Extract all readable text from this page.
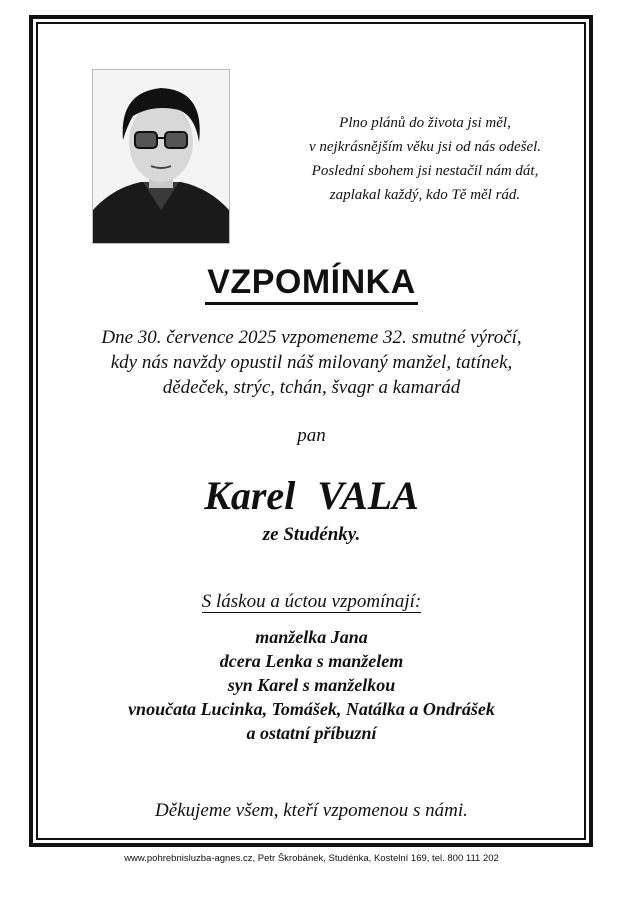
Plno plánů do života jsi měl,
v nejkrásnějším věku jsi od nás odešel.
Poslední sbohem jsi nestačil nám dát,
zaplakal každý, kdo Tě měl rád.
VZPOMÍNKA
Dne 30. července 2025 vzpomeneme 32. smutné výročí,
kdy nás navždy opustil náš milovaný manžel, tatínek,
dědeček, strýc, tchán, švagr a kamarád
pan
Karel VALA
ze Studénky.
S láskou a úctou vzpomínají:
manželka Jana
dcera Lenka s manželem
syn Karel s manželkou
vnoučata Lucinka, Tomášek, Natálka a Ondrášek
a ostatní příbuzní
Děkujeme všem, kteří vzpomenou s námi.
www.pohrebnisluzba-agnes.cz, Petr Škrobánek, Studénka, Kostelní 169, tel. 800 111 202
